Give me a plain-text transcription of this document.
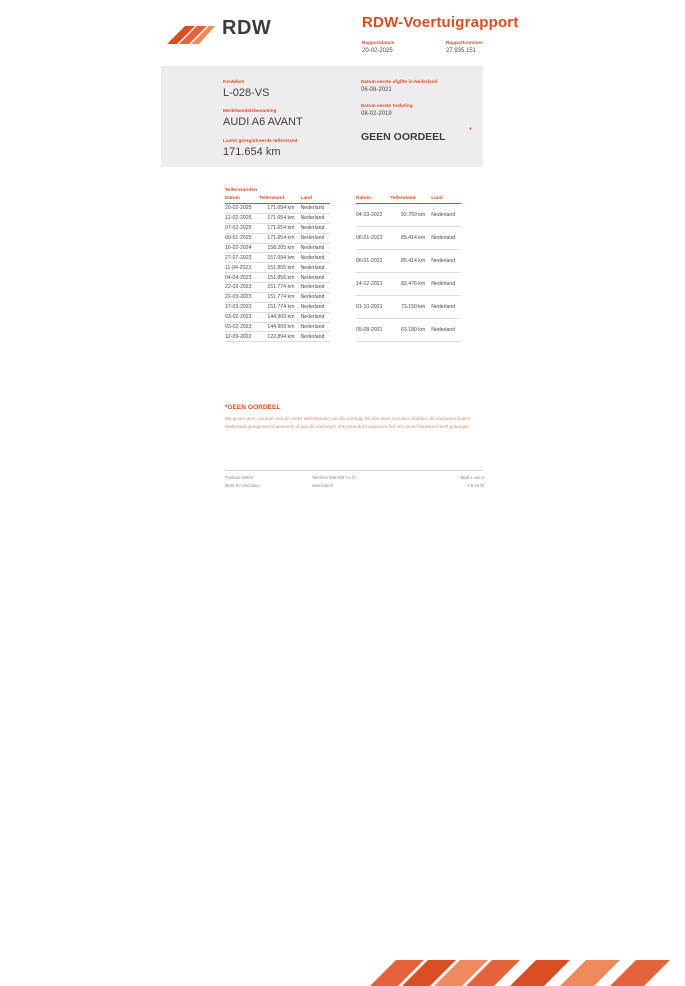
RDW	RDW-Voertuigrapport
Rapportdatum
20-02-2025
Rapportnummer
27.935.151
Kenteken
L-028-VS
Merk/Handelsbenaming
AUDI A6 AVANT
Datum eerste afgifte in Nederland
06-08-2021
Datum eerste toelating
08-02-2019
GEEN OORDEEL
*
Laatst geregistreerde tellerstand
171.654 km
Tellerstanden
Datum	Tellerstand	Land
20-02-2025	171.654 km	Nederland
12-02-2025	171.654 km	Nederland
07-02-2025	171.654 km	Nederland
09-01-2025	171.654 km	Nederland
16-02-2024	158.205 km	Nederland
27-07-2023	157.094 km	Nederland
11-04-2023	151.856 km	Nederland
04-04-2023	151.856 km	Nederland
22-03-2023	151.774 km	Nederland
22-03-2023	151.774 km	Nederland
17-03-2023	151.774 km	Nederland
03-02-2023	144.909 km	Nederland
03-02-2023	144.909 km	Nederland
12-09-2022	122.894 km	Nederland
Datum	Tellerstand	Land
04-03-2022	92.759 km	Nederland
06-01-2022	85.414 km	Nederland
06-01-2022	85.414 km	Nederland
14-12-2021	82.476 km	Nederland
01-10-2021	73.150 km	Nederland
05-08-2021	63.180 km	Nederland
*GEEN OORDEEL
Wij geven geen oordeel over de reeks tellerstanden van dit voertuig. Dit kan twee oorzaken hebben: dit voertuig is buiten Nederland geregistreerd geweest, of aan dit voertuig is iets veranderd waardoor het een ander kenteken heeft gekregen.
Postbus 30000
9640 RA Veendam
Telefoon 088 008 74 47
www.rdw.nl
Blad 1 van 3
2 E 1878
